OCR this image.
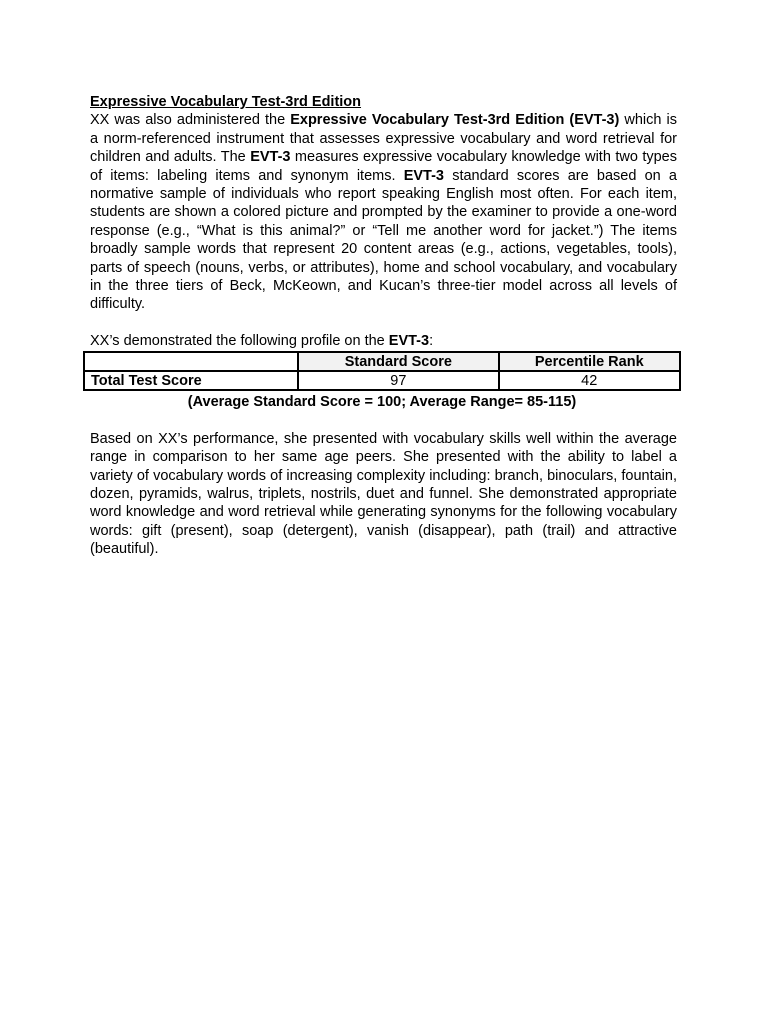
Expressive Vocabulary Test-3rd Edition
XX was also administered the Expressive Vocabulary Test-3rd Edition (EVT-3) which is a norm-referenced instrument that assesses expressive vocabulary and word retrieval for children and adults. The EVT-3 measures expressive vocabulary knowledge with two types of items: labeling items and synonym items. EVT-3 standard scores are based on a normative sample of individuals who report speaking English most often. For each item, students are shown a colored picture and prompted by the examiner to provide a one-word response (e.g., “What is this animal?” or “Tell me another word for jacket.”) The items broadly sample words that represent 20 content areas (e.g., actions, vegetables, tools), parts of speech (nouns, verbs, or attributes), home and school vocabulary, and vocabulary in the three tiers of Beck, McKeown, and Kucan’s three-tier model across all levels of difficulty.
XX’s demonstrated the following profile on the EVT-3:
	Standard Score	Percentile Rank
Total Test Score	97	42
(Average Standard Score = 100; Average Range= 85-115)
Based on XX’s performance, she presented with vocabulary skills well within the average range in comparison to her same age peers. She presented with the ability to label a variety of vocabulary words of increasing complexity including: branch, binoculars, fountain, dozen, pyramids, walrus, triplets, nostrils, duet and funnel. She demonstrated appropriate word knowledge and word retrieval while generating synonyms for the following vocabulary words: gift (present), soap (detergent), vanish (disappear), path (trail) and attractive (beautiful).
